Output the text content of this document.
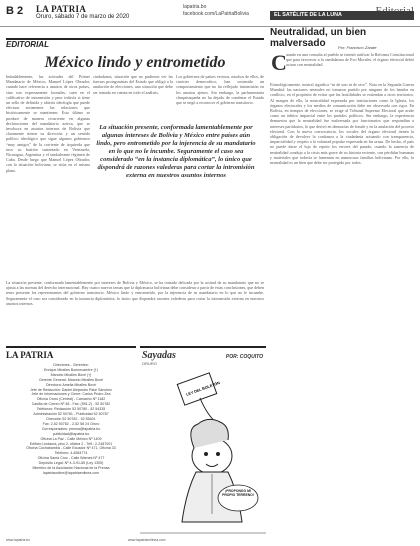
B 2 LA PATRIA
Oruro, sábado 7 de marzo de 2020
lapatria.bo
facebook.com/LaPatriaBolivia
EDITORIAL
México lindo y entrometido
Indudablemente, las actitudes del Primer Mandatario de México, Manuel López Obrador, cuando hace referencia a asuntos de otros países, sino son expresamente formales, caen en el calificativo de intromisión y peor todavía si tiene un sello de definida y abierta ideología que puede efectuar seriamente las relaciones que históricamente se mantienen. Esto último se produce de manera recurrente en algunas declaraciones del mandatario azteca, que se involucra en asuntos internos de Bolivia que claramente tienen su dirección y un sentido político ideológico que sigue algunos gobiernos “muy amigos” de la corriente de izquierda que tuvo su bastión sustentado en Venezuela, Nicaragua, Argentina y el tambaleante régimen de Cuba. Desde luego que Manuel López Obrador, con la situación boliviana, se sitúa en el mismo plano.
ciudadanos, situación que no pudieron ver las fuerzas protagonistas del Estado que obligó a la anulación de elecciones, una situación que debe ser tomada en cuenta en todo el análisis.
Los gobiernos de países vecinos, muchos de ellos, de carácter democrático, han sostenido un comportamiento que no ha reflejado intromisión en los asuntos ajenos. Sin embargo, la parlamentaria chuquisaqueña no ha dejado de condenar el Estado que se negó a reconocer el gobierno transitorio.
La situación presente, conformada lamentablemente por algunas intereses de Bolivia y México entre países aún lindo, pero entrometido por la injerencia de su mandatario en lo que no le incumbe. Seguramente el caso sea considerado “en la instancia diplomática”, lo único que dispondrá de razones valederas para cortar la intromisión externa en nuestros asuntos internos
La situación presente, conformada lamentablemente por intereses de Bolivia y México, se ha tornado delicada por la actitud de su mandatario que no se ajusta a las normas del derecho internacional. Hay cuatro nuevos temas que la diplomacia boliviana debe considerar a partir de estas conclusiones, que deben tener presente los representantes del gobierno transitorio. México lindo y entrometido, por la injerencia de su mandatario en lo que no le incumbe. Seguramente el caso sea considerado en la instancia diplomática, lo único que dispondrá razones valederas para cortar la intromisión externa en nuestros asuntos internos.
EL SATÉLITE DE LA LUNA
Neutralidad, un bien malversado	Por: Francisco Zárate
C uando en una consulta al pueblo se intentó ratificar la Reforma Constitucional que para favorecer a la candidatura de Evo Morales, el órgano electoral debió actuar con neutralidad.
Etimológicamente, neutral significa “ni de uno ni de otro”. Nota en la Segunda Guerra Mundial: las naciones neutrales no tomaron partido por ninguno de los bandos en conflicto, en el propósito de evitar que las hostilidades se extiendan a otros territorios. Al margen de ello, la neutralidad expresada por instituciones como la Iglesia, los órganos electorales y los medios de comunicación debe ser observada con rigor. En Bolivia, en tiempos de elecciones, se exige al Tribunal Supremo Electoral que actúe como un árbitro imparcial entre los partidos políticos. Sin embargo, la experiencia demuestra que la neutralidad fue malversada por funcionarios que respondían a intereses partidarios, lo que derivó en denuncias de fraude y en la anulación del proceso electoral. Con la nueva convocatoria, los vocales del órgano electoral tienen la obligación de devolver la confianza a la ciudadanía actuando con transparencia, imparcialidad y respeto a la voluntad popular expresada en las urnas. De hecho, el país no puede darse el lujo de repetir los errores del pasado, cuando la ausencia de neutralidad condujo a la crisis más grave de su historia reciente, con pérdidas humanas y materiales que todavía se lamentan en numerosas familias bolivianas. Por ello, la neutralidad es un bien que debe ser protegido por todos.
LA PATRIA
Directores - Gerentes:
Enrique Miralles Bonnecarrère (†)
Marcelo Miralles Bové (†)
Gerente General: Marcelo Miralles Bové
Directora: Amelia Miralles Bové
Jefe de Redacción: Daniel Alejandro Patzi Sánchez
Jefe de Informaciones y Cierre: Carlos Pedro Zea
Oficina Oruro (Central) - Camacho Nº 1182
Casilla de Correo Nº 48 - Fax: (591-2) - 52 50782
Teléfonos: Redacción 52 50780 - 52 54335
Administración 52 50781 - Publicidad 52 50787
Dirección 52 50782 - 52 55401
Fax: 2-52 50782 - 2-52 58 24 Oruro
Corresponsales: prensa@lapatria.bo
publicidad@lapatria.bo
Oficina La Paz - Calle México Nº 1409
Edificio Lindaura, piso 2, oficina 2 - Telf.: 2-2487001
Oficina Cochabamba - Calle Ecuador Nº 471, Oficina 33
Teléfono: 4-4584774
Oficina Santa Cruz - Calle Warnes Nº 477
Depósito Legal: Nº 4-3-91-85 (Ley 1305)
Miembro de la Asociación Nacional de la Prensa
lapatriaonline@lapatriaenlinea.com
www.lapatria.bo	www.lapatriaenlinea.com
Sayadas
ORURO
POR: COQUITO
LEY DEL BOLETÓN
¡PROPONGO MI PROPIO TERRENO!
